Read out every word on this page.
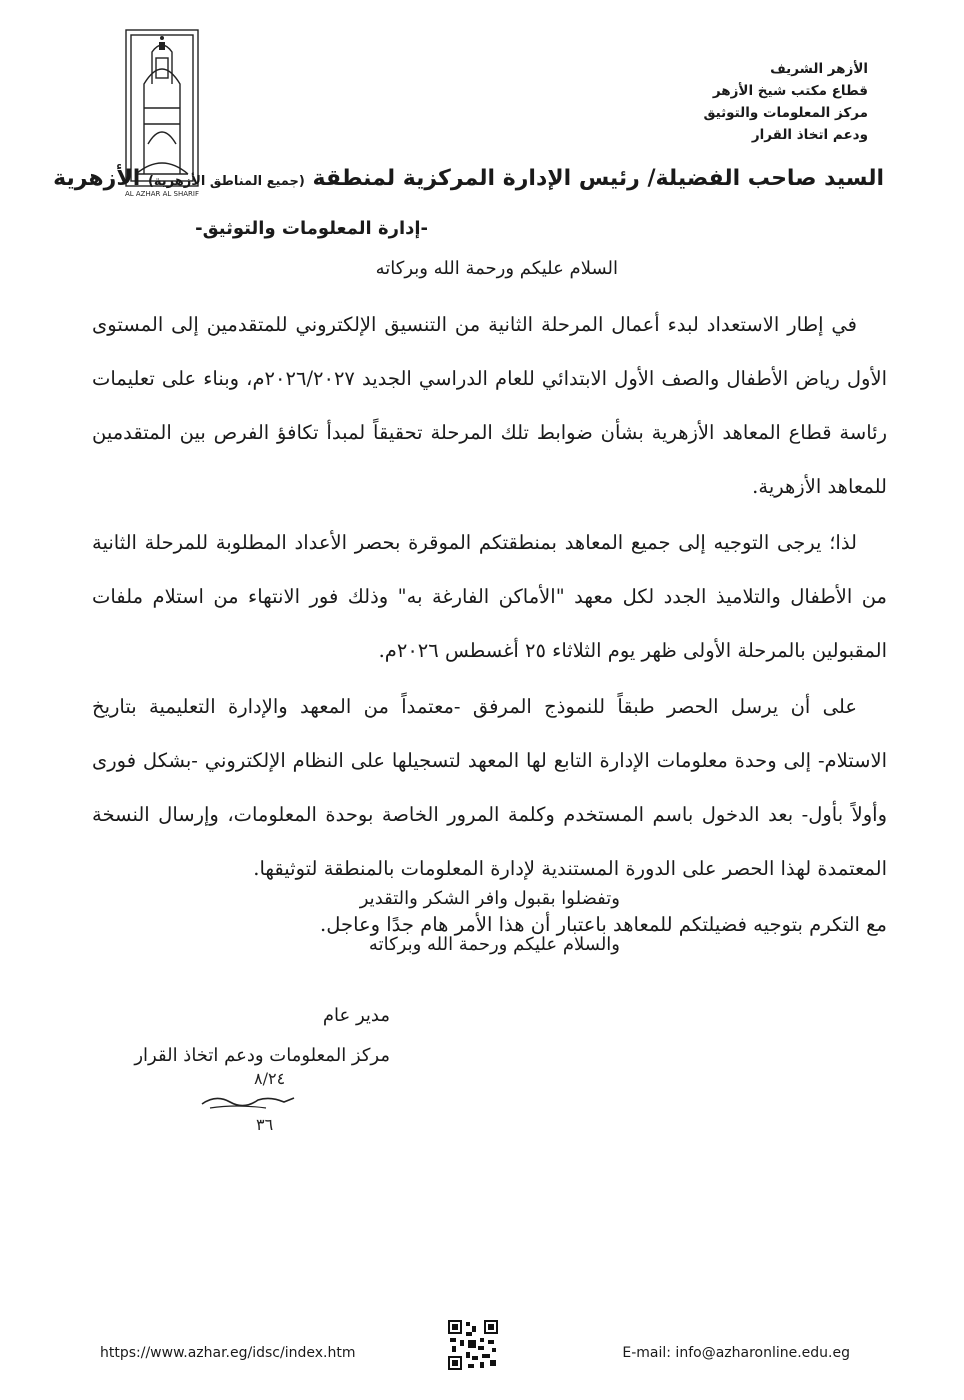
AL AZHAR AL SHARIF
الأزهر الشريف
قطاع مكتب شيخ الأزهر
مركز المعلومات والتوثيق
ودعم اتخاذ القرار
السيد صاحب الفضيلة/ رئيس الإدارة المركزية لمنطقة (جميع المناطق الأزهرية) الأزهرية
-إدارة المعلومات والتوثيق-
السلام عليكم ورحمة الله وبركاته

في إطار الاستعداد لبدء أعمال المرحلة الثانية من التنسيق الإلكتروني للمتقدمين إلى المستوى الأول رياض الأطفال والصف الأول الابتدائي للعام الدراسي الجديد ٢٠٢٦/٢٠٢٧م، وبناء على تعليمات رئاسة قطاع المعاهد الأزهرية بشأن ضوابط تلك المرحلة تحقيقاً لمبدأ تكافؤ الفرص بين المتقدمين للمعاهد الأزهرية.

لذا؛ يرجى التوجيه إلى جميع المعاهد بمنطقتكم الموقرة بحصر الأعداد المطلوبة للمرحلة الثانية من الأطفال والتلاميذ الجدد لكل معهد "الأماكن الفارغة به" وذلك فور الانتهاء من استلام ملفات المقبولين بالمرحلة الأولى ظهر يوم الثلاثاء ٢٥ أغسطس ٢٠٢٦م.

على أن يرسل الحصر طبقاً للنموذج المرفق -معتمداً من المعهد والإدارة التعليمية بتاريخ الاستلام- إلى وحدة معلومات الإدارة التابع لها المعهد لتسجيلها على النظام الإلكتروني -بشكل فورى وأولاً بأول- بعد الدخول باسم المستخدم وكلمة المرور الخاصة بوحدة المعلومات، وإرسال النسخة المعتمدة لهذا الحصر على الدورة المستندية لإدارة المعلومات بالمنطقة لتوثيقها.

مع التكرم بتوجيه فضيلتكم للمعاهد باعتبار أن هذا الأمر هام جدًا وعاجل.

وتفضلوا بقبول وافر الشكر والتقدير
والسلام عليكم ورحمة الله وبركاته
مدير عام
مركز المعلومات ودعم اتخاذ القرار
٨/٢٤
٣٦
https://www.azhar.eg/idsc/index.htm	E-mail: info@azharonline.edu.eg
